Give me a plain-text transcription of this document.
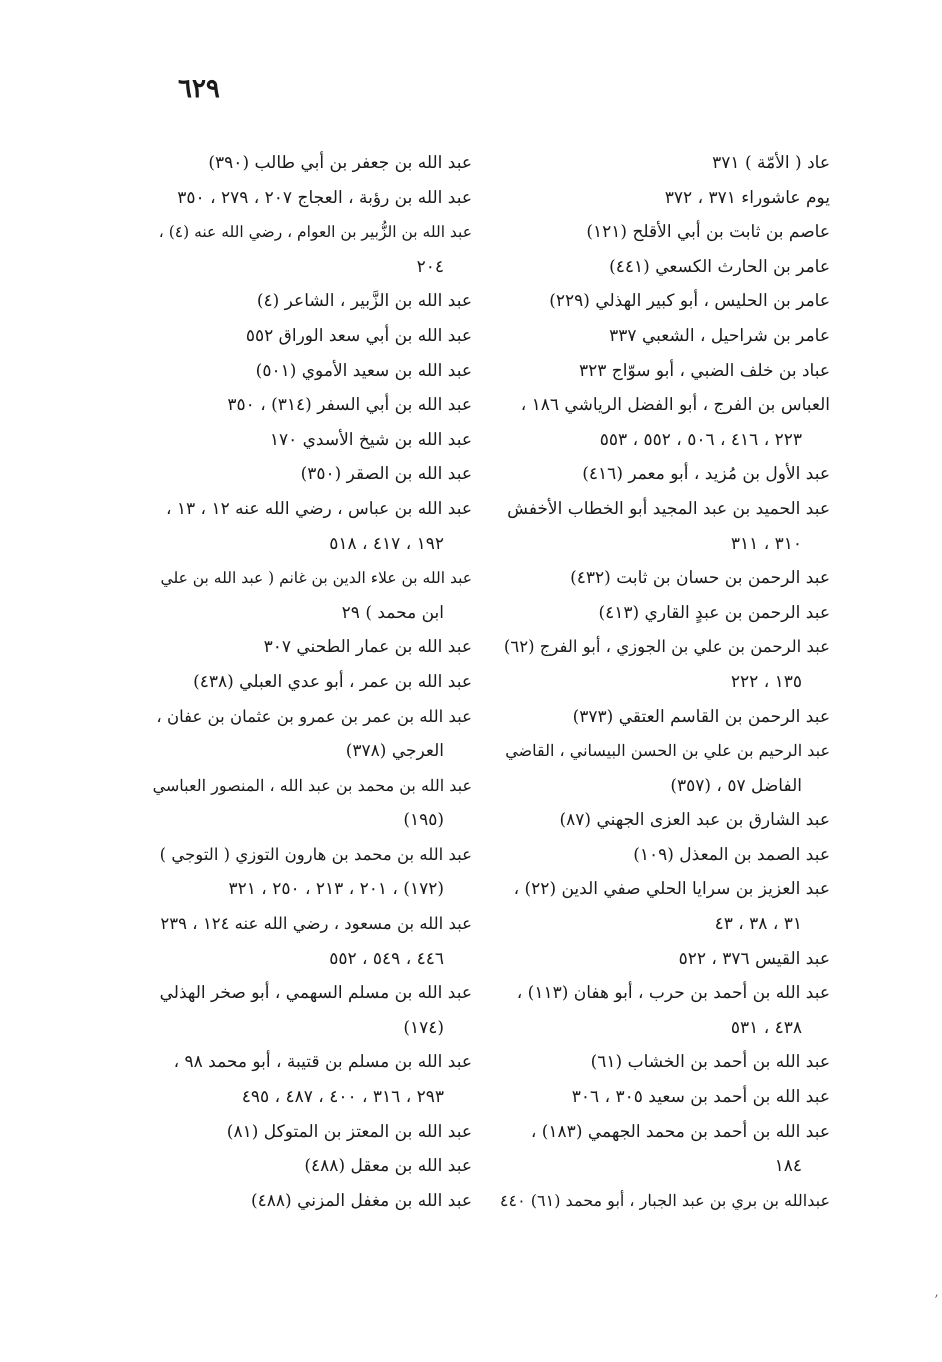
٦٢٩
عاد ( الأمّة ) ٣٧١
يوم عاشوراء ٣٧١ ، ٣٧٢
عاصم بن ثابت بن أبي الأقلح (١٢١)
عامر بن الحارث الكسعي (٤٤١)
عامر بن الحليس ، أبو كبير الهذلي (٢٢٩)
عامر بن شراحيل ، الشعبي ٣٣٧
عباد بن خلف الضبي ، أبو سوّاج ٣٢٣
العباس بن الفرج ، أبو الفضل الرياشي ١٨٦ ،
٢٢٣ ، ٤١٦ ، ٥٠٦ ، ٥٥٢ ، ٥٥٣
عبد الأول بن مُزيد ، أبو معمر (٤١٦)
عبد الحميد بن عبد المجيد أبو الخطاب الأخفش
٣١٠ ، ٣١١
عبد الرحمن بن حسان بن ثابت (٤٣٢)
عبد الرحمن بن عبدٍ القاري (٤١٣)
عبد الرحمن بن علي بن الجوزي ، أبو الفرج (٦٢)
١٣٥ ، ٢٢٢
عبد الرحمن بن القاسم العتقي (٣٧٣)
عبد الرحيم بن علي بن الحسن البيساني ، القاضي
الفاضل ٥٧ ، (٣٥٧)
عبد الشارق بن عبد العزى الجهني (٨٧)
عبد الصمد بن المعذل (١٠٩)
عبد العزيز بن سرايا الحلي صفي الدين (٢٢) ،
٣١ ، ٣٨ ، ٤٣
عبد القيس ٣٧٦ ، ٥٢٢
عبد الله بن أحمد بن حرب ، أبو هفان (١١٣) ،
٤٣٨ ، ٥٣١
عبد الله بن أحمد بن الخشاب (٦١)
عبد الله بن أحمد بن سعيد ٣٠٥ ، ٣٠٦
عبد الله بن أحمد بن محمد الجهمي (١٨٣) ،
١٨٤
عبدالله بن بري بن عبد الجبار ، أبو محمد (٦١) ٤٤٠
عبد الله بن جعفر بن أبي طالب (٣٩٠)
عبد الله بن رؤبة ، العجاج ٢٠٧ ، ٢٧٩ ، ٣٥٠
عبد الله بن الزُّبير بن العوام ، رضي الله عنه (٤) ،
٢٠٤
عبد الله بن الزَّبير ، الشاعر (٤)
عبد الله بن أبي سعد الوراق ٥٥٢
عبد الله بن سعيد الأموي (٥٠١)
عبد الله بن أبي السفر (٣١٤) ، ٣٥٠
عبد الله بن شيخ الأسدي ١٧٠
عبد الله بن الصقر (٣٥٠)
عبد الله بن عباس ، رضي الله عنه ١٢ ، ١٣ ،
١٩٢ ، ٤١٧ ، ٥١٨
عبد الله بن علاء الدين بن غانم ( عبد الله بن علي
ابن محمد ) ٢٩
عبد الله بن عمار الطحني ٣٠٧
عبد الله بن عمر ، أبو عدي العبلي (٤٣٨)
عبد الله بن عمر بن عمرو بن عثمان بن عفان ،
العرجي (٣٧٨)
عبد الله بن محمد بن عبد الله ، المنصور العباسي
(١٩٥)
عبد الله بن محمد بن هارون التوزي ( التوجي )
(١٧٢) ، ٢٠١ ، ٢١٣ ، ٢٥٠ ، ٣٢١
عبد الله بن مسعود ، رضي الله عنه ١٢٤ ، ٢٣٩
٤٤٦ ، ٥٤٩ ، ٥٥٢
عبد الله بن مسلم السهمي ، أبو صخر الهذلي
(١٧٤)
عبد الله بن مسلم بن قتيبة ، أبو محمد ٩٨ ،
٢٩٣ ، ٣١٦ ، ٤٠٠ ، ٤٨٧ ، ٤٩٥
عبد الله بن المعتز بن المتوكل (٨١)
عبد الله بن معقل (٤٨٨)
عبد الله بن مغفل المزني (٤٨٨)
׳
